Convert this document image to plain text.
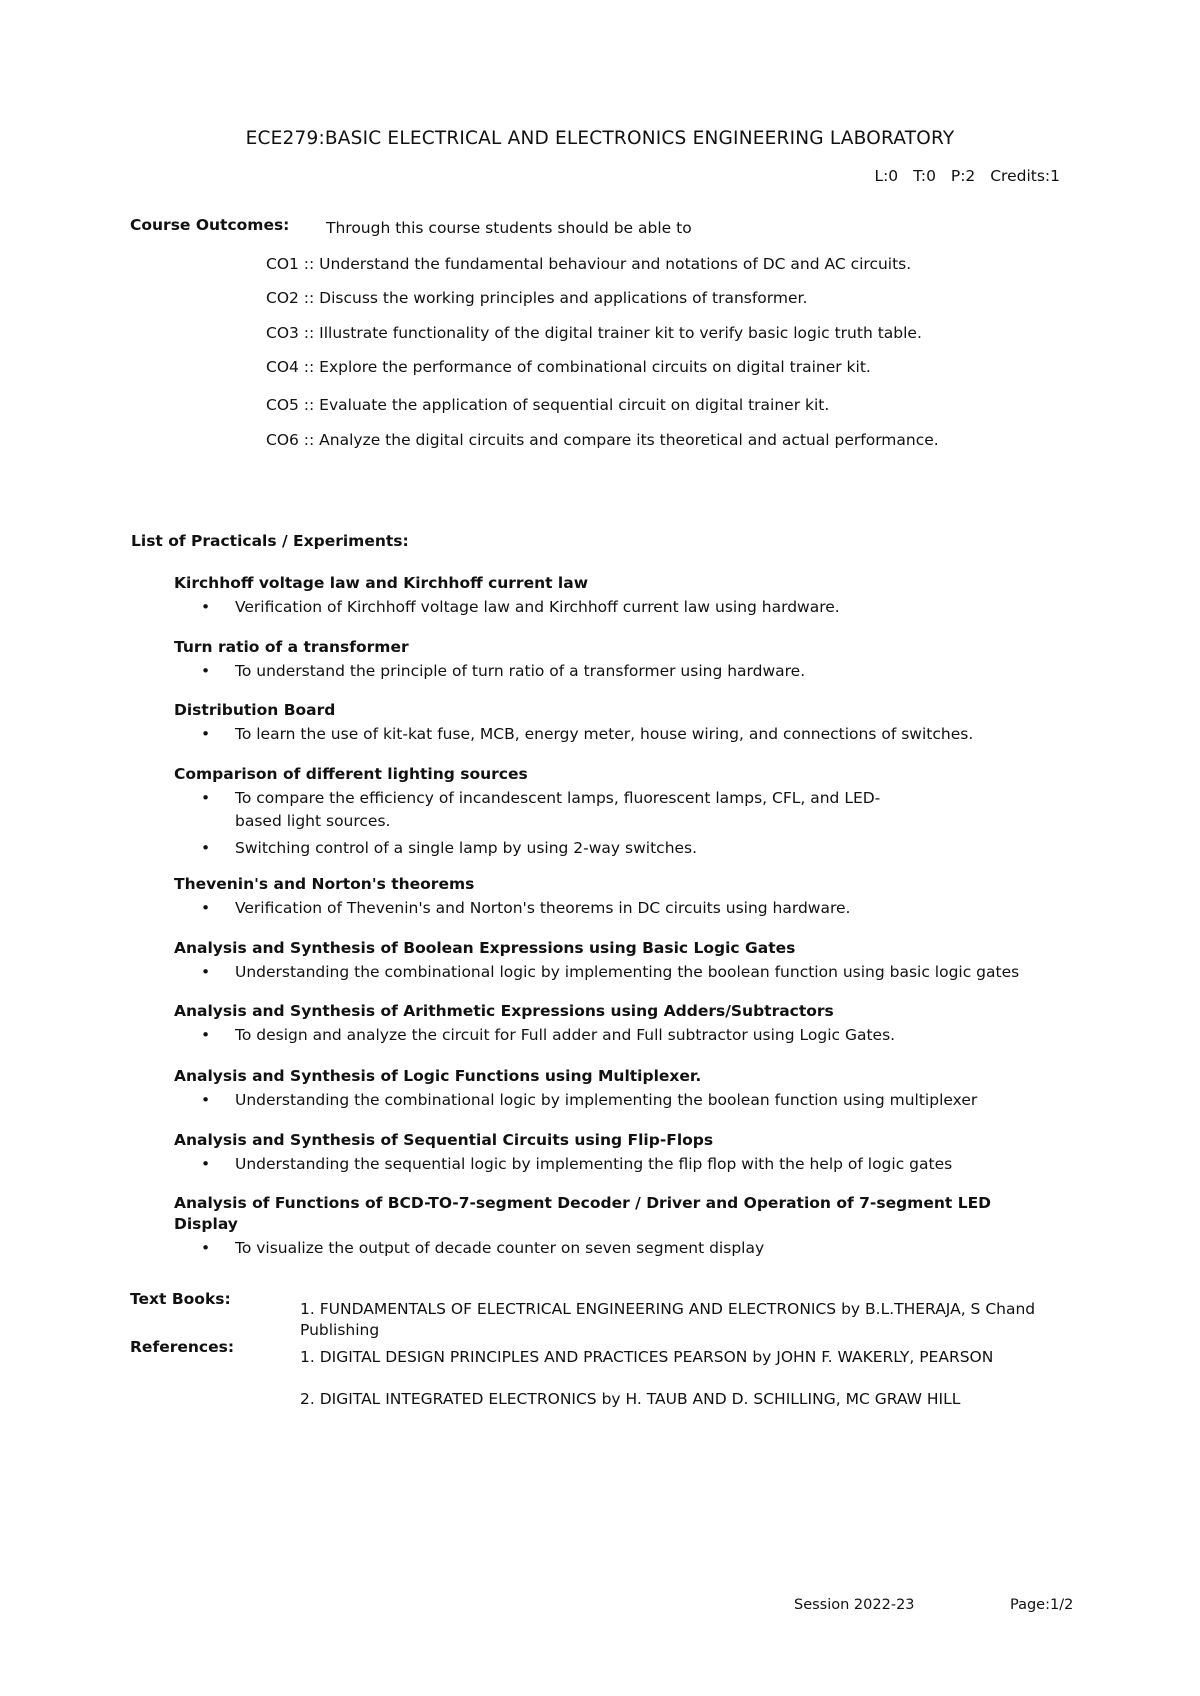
ECE279:BASIC ELECTRICAL AND ELECTRONICS ENGINEERING LABORATORY
L:0 T:0 P:2 Credits:1
Course Outcomes: Through this course students should be able to
CO1 :: Understand the fundamental behaviour and notations of DC and AC circuits.
CO2 :: Discuss the working principles and applications of transformer.
CO3 :: Illustrate functionality of the digital trainer kit to verify basic logic truth table.
CO4 :: Explore the performance of combinational circuits on digital trainer kit.
CO5 :: Evaluate the application of sequential circuit on digital trainer kit.
CO6 :: Analyze the digital circuits and compare its theoretical and actual performance.
List of Practicals / Experiments:
Kirchhoff voltage law and Kirchhoff current law
• Verification of Kirchhoff voltage law and Kirchhoff current law using hardware.
Turn ratio of a transformer
• To understand the principle of turn ratio of a transformer using hardware.
Distribution Board
• To learn the use of kit-kat fuse, MCB, energy meter, house wiring, and connections of switches.
Comparison of different lighting sources
• To compare the efficiency of incandescent lamps, fluorescent lamps, CFL, and LED-based light sources.
• Switching control of a single lamp by using 2-way switches.
Thevenin's and Norton's theorems
• Verification of Thevenin's and Norton's theorems in DC circuits using hardware.
Analysis and Synthesis of Boolean Expressions using Basic Logic Gates
• Understanding the combinational logic by implementing the boolean function using basic logic gates
Analysis and Synthesis of Arithmetic Expressions using Adders/Subtractors
• To design and analyze the circuit for Full adder and Full subtractor using Logic Gates.
Analysis and Synthesis of Logic Functions using Multiplexer.
• Understanding the combinational logic by implementing the boolean function using multiplexer
Analysis and Synthesis of Sequential Circuits using Flip-Flops
• Understanding the sequential logic by implementing the flip flop with the help of logic gates
Analysis of Functions of BCD-TO-7-segment Decoder / Driver and Operation of 7-segment LED Display
• To visualize the output of decade counter on seven segment display
Text Books:
1. FUNDAMENTALS OF ELECTRICAL ENGINEERING AND ELECTRONICS by B.L.THERAJA, S Chand Publishing
References:
1. DIGITAL DESIGN PRINCIPLES AND PRACTICES PEARSON by JOHN F. WAKERLY, PEARSON
2. DIGITAL INTEGRATED ELECTRONICS by H. TAUB AND D. SCHILLING, MC GRAW HILL
Session 2022-23	Page:1/2
